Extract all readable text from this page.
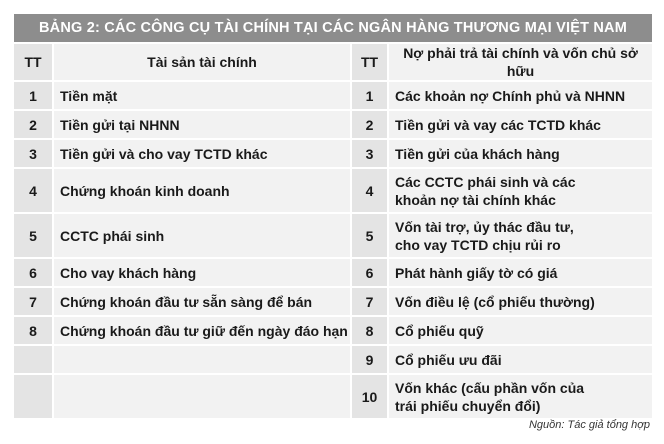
BẢNG 2: CÁC CÔNG CỤ TÀI CHÍNH TẠI CÁC NGÂN HÀNG THƯƠNG MẠI VIỆT NAM
TT	Tài sản tài chính	TT	Nợ phải trả tài chính và vốn chủ sở hữu
1	Tiền mặt	1	Các khoản nợ Chính phủ và NHNN
2	Tiền gửi tại NHNN	2	Tiền gửi và vay các TCTD khác
3	Tiền gửi và cho vay TCTD khác	3	Tiền gửi của khách hàng
4	Chứng khoán kinh doanh	4	Các CCTC phái sinh và các
khoản nợ tài chính khác
5	CCTC phái sinh	5	Vốn tài trợ, ủy thác đầu tư,
cho vay TCTD chịu rủi ro
6	Cho vay khách hàng	6	Phát hành giấy tờ có giá
7	Chứng khoán đầu tư sẵn sàng để bán	7	Vốn điều lệ (cổ phiếu thường)
8	Chứng khoán đầu tư giữ đến ngày đáo hạn	8	Cổ phiếu quỹ
		9	Cổ phiếu ưu đãi
		10	Vốn khác (cấu phần vốn của
trái phiếu chuyển đổi)
Nguồn: Tác giả tổng hợp
